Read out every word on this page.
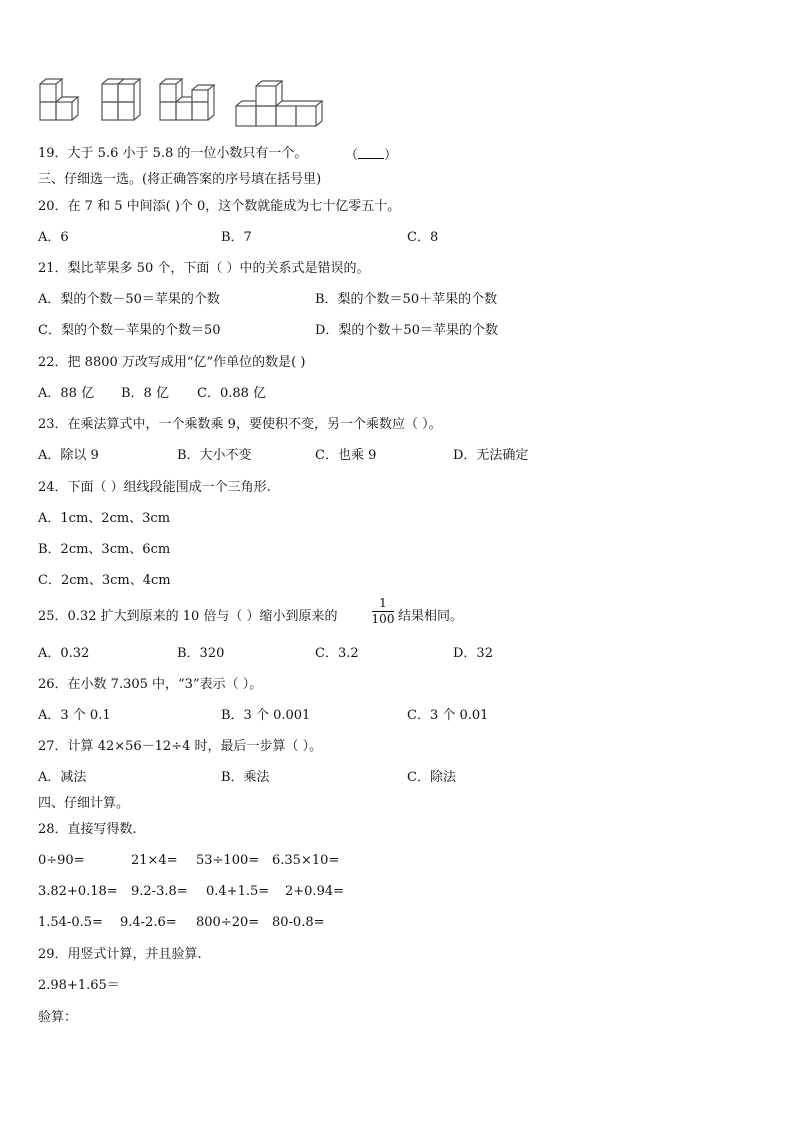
19．大于 5.6 小于 5.8 的一位小数只有一个。	（ ）
三、仔细选一选。(将正确答案的序号填在括号里)
20．在 7 和 5 中间添( )个 0，这个数就能成为七十亿零五十。
A．6	B．7	C．8
21．梨比苹果多 50 个，下面（ ）中的关系式是错误的。
A．梨的个数－50＝苹果的个数	B．梨的个数＝50＋苹果的个数
C．梨的个数－苹果的个数＝50	D．梨的个数＋50＝苹果的个数
22．把 8800 万改写成用“亿”作单位的数是( )
A．88 亿 B．8 亿 C．0.88 亿
23．在乘法算式中，一个乘数乘 9，要使积不变，另一个乘数应（ ）。
A．除以 9	B．大小不变	C．也乘 9	D．无法确定
24．下面（ ）组线段能围成一个三角形.
A．1cm、2cm、3cm
B．2cm、3cm、6cm
C．2cm、3cm、4cm
25．0.32 扩大到原来的 10 倍与（ ）缩小到原来的
1
100 结果相同。
A．0.32	B．320	C．3.2	D．32
26．在小数 7.305 中，“3”表示（ ）。
A．3 个 0.1	B．3 个 0.001	C．3 个 0.01
27．计算 42×56－12÷4 时，最后一步算（ ）。
A．减法	B．乘法	C．除法
四、仔细计算。
28．直接写得数.
0÷90=	21×4= 53÷100= 6.35×10=
3.82+0.18= 9.2-3.8= 0.4+1.5= 2+0.94=
1.54-0.5= 9.4-2.6= 800÷20= 80-0.8=
29．用竖式计算，并且验算.
2.98+1.65＝
验算：
